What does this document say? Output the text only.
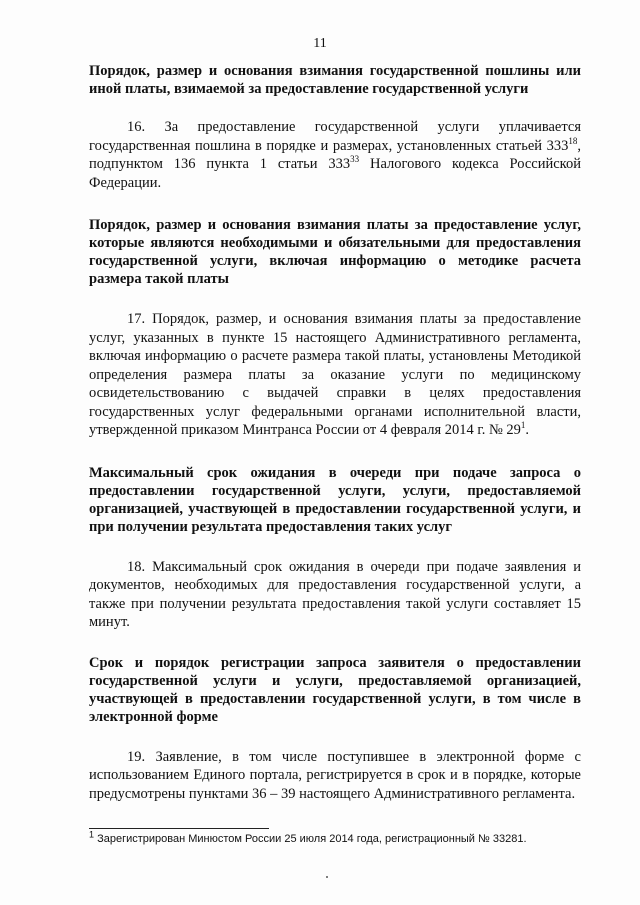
11

Порядок, размер и основания взимания государственной пошлины или иной платы, взимаемой за предоставление государственной услуги

16. За предоставление государственной услуги уплачивается государственная пошлина в порядке и размерах, установленных статьей $333^{18}$, подпунктом 136 пункта 1 статьи $333^{33}$ Налогового кодекса Российской Федерации.

Порядок, размер и основания взимания платы за предоставление услуг, которые являются необходимыми и обязательными для предоставления государственной услуги, включая информацию о методике расчета размера такой платы

17. Порядок, размер, и основания взимания платы за предоставление услуг, указанных в пункте 15 настоящего Административного регламента, включая информацию о расчете размера такой платы, установлены Методикой определения размера платы за оказание услуги по медицинскому освидетельствованию с выдачей справки в целях предоставления государственных услуг федеральными органами исполнительной власти, утвержденной приказом Минтранса России от 4 февраля 2014 г. № $29^1$.

Максимальный срок ожидания в очереди при подаче запроса о предоставлении государственной услуги, услуги, предоставляемой организацией, участвующей в предоставлении государственной услуги, и при получении результата предоставления таких услуг

18. Максимальный срок ожидания в очереди при подаче заявления и документов, необходимых для предоставления государственной услуги, а также при получении результата предоставления такой услуги составляет 15 минут.

Срок и порядок регистрации запроса заявителя о предоставлении государственной услуги и услуги, предоставляемой организацией, участвующей в предоставлении государственной услуги, в том числе в электронной форме

19. Заявление, в том числе поступившее в электронной форме с использованием Единого портала, регистрируется в срок и в порядке, которые предусмотрены пунктами 36 – 39 настоящего Административного регламента.

$^1$ Зарегистрирован Минюстом России 25 июля 2014 года, регистрационный № 33281.
